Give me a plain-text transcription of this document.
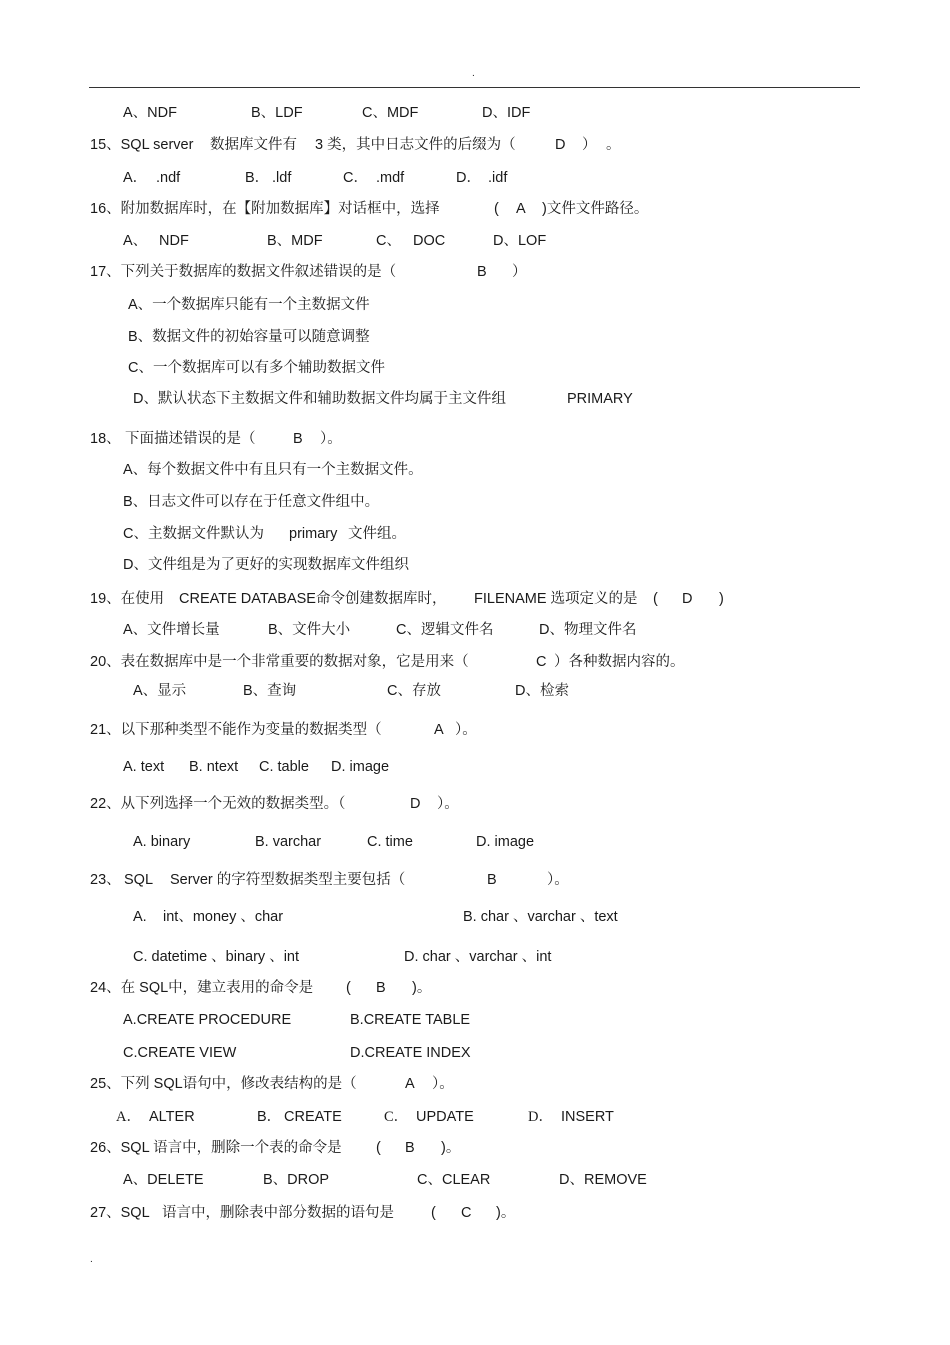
.
A、NDF	B、LDF	C、MDF	D、IDF
15、SQL server 数据库文件有 3 类，其中日志文件的后缀为（	D ） 。
A． .ndf	B． .ldf	C． .mdf	D． .idf
16、附加数据库时，在【附加数据库】对话框中，选择	( A )文件文件路径。
A、 NDF	B、MDF	C、 DOC	D、LOF
17、下列关于数据库的数据文件叙述错误的是（	B ）
A、一个数据库只能有一个主数据文件
B、数据文件的初始容量可以随意调整
C、一个数据库可以有多个辅助数据文件
D、默认状态下主数据文件和辅助数据文件均属于主文件组	PRIMARY
18、 下面描述错误的是（	B ）。
A、每个数据文件中有且只有一个主数据文件。
B、日志文件可以存在于任意文件组中。
C、主数据文件默认为 primary 文件组。
D、文件组是为了更好的实现数据库文件组织
19、在使用 CREATE DATABASE命令创建数据库时， FILENAME 选项定义的是 ( D )
A、文件增长量	B、文件大小	C、逻辑文件名	D、物理文件名
20、表在数据库中是一个非常重要的数据对象，它是用来（	C ）各种数据内容的。
A、显示	B、查询	C、存放	D、检索
21、以下那种类型不能作为变量的数据类型（	A ）。
A. text B. ntext C. table D. image
22、从下列选择一个无效的数据类型。（	D ）。
A. binary	B. varchar	C. time	D. image
23、 SQL Server 的字符型数据类型主要包括（	B	）。
A. int、money 、char	B. char 、varchar 、text
C. datetime 、binary 、int	D. char 、varchar 、int
24、在 SQL中，建立表用的命令是 ( B )。
A.CREATE PROCEDURE	B.CREATE TABLE
C.CREATE VIEW	D.CREATE INDEX
25、下列 SQL语句中，修改表结构的是（	A ）。
A． ALTER	B． CREATE	C． UPDATE	D． INSERT
26、SQL 语言中，删除一个表的命令是 ( B )。
A、DELETE	B、DROP	C、CLEAR	D、REMOVE
27、SQL 语言中，删除表中部分数据的语句是	( C )。
.
